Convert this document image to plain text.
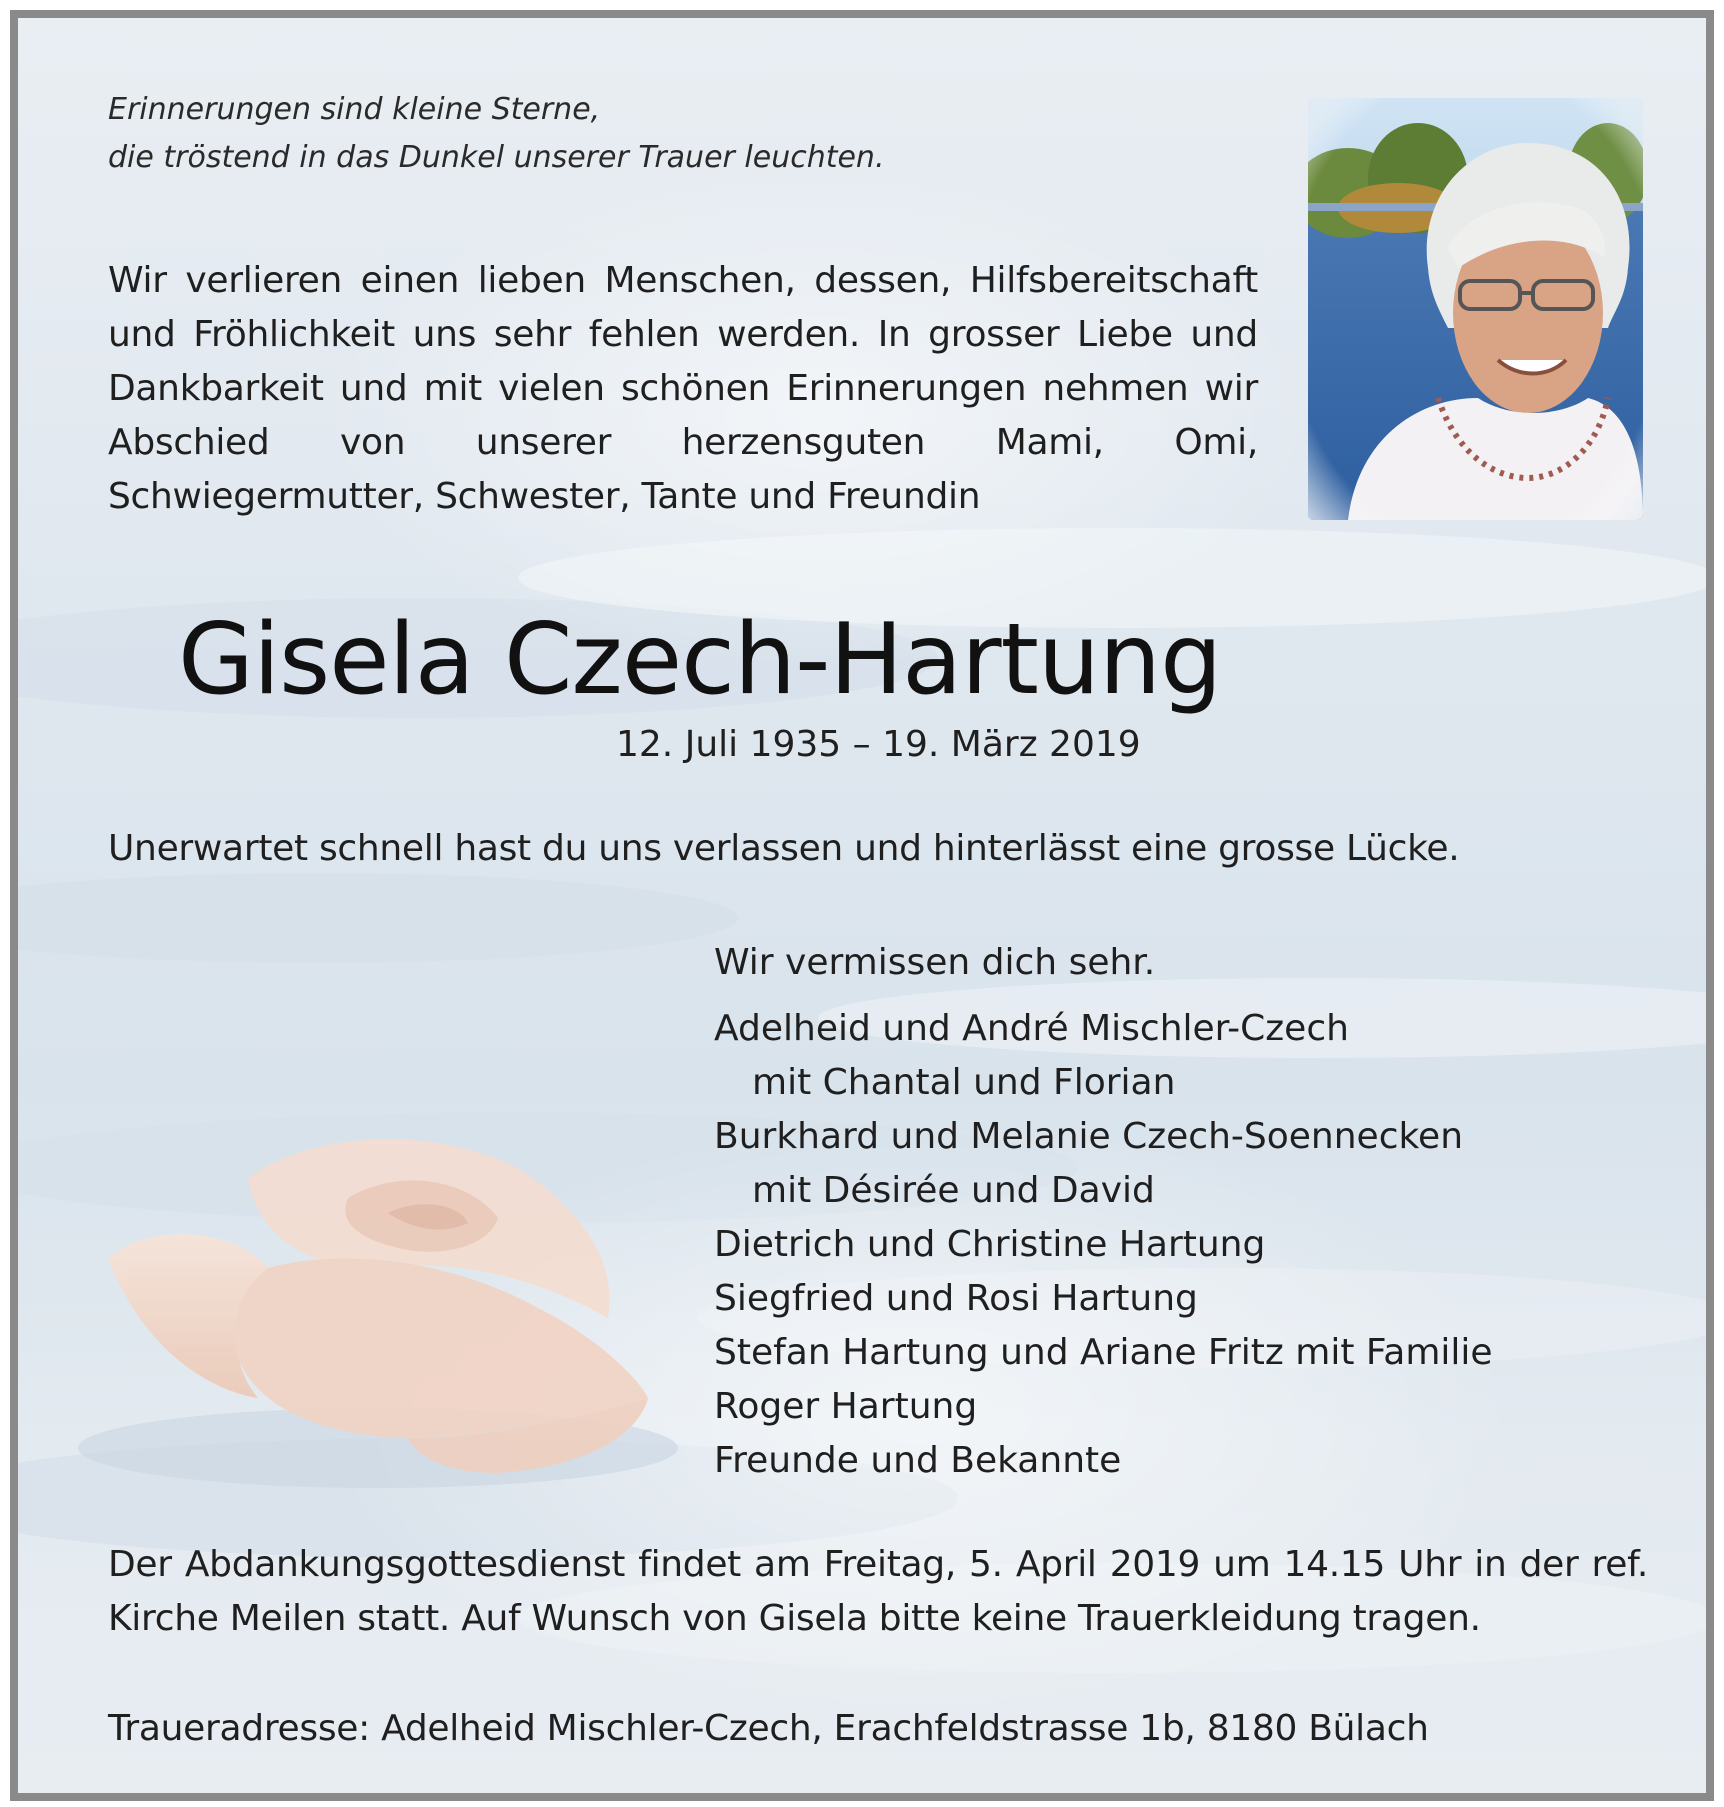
Erinnerungen sind kleine Sterne,
die tröstend in das Dunkel unserer Trauer leuchten.

Wir verlieren einen lieben Menschen, dessen, Hilfsbereitschaft und Fröhlichkeit uns sehr fehlen werden. In grosser Liebe und Dankbarkeit und mit vielen schönen Erinnerungen nehmen wir Abschied von unserer herzensguten Mami, Omi, Schwiegermutter, Schwester, Tante und Freundin

Gisela Czech-Hartung
12. Juli 1935 – 19. März 2019
Unerwartet schnell hast du uns verlassen und hinterlässt eine grosse Lücke.
Wir vermissen dich sehr.
Adelheid und André Mischler-Czech
mit Chantal und Florian
Burkhard und Melanie Czech-Soennecken
mit Désirée und David
Dietrich und Christine Hartung
Siegfried und Rosi Hartung
Stefan Hartung und Ariane Fritz mit Familie
Roger Hartung
Freunde und Bekannte

Der Abdankungsgottesdienst findet am Freitag, 5. April 2019 um 14.15 Uhr in der ref. Kirche Meilen statt. Auf Wunsch von Gisela bitte keine Trauerkleidung tragen.

Traueradresse: Adelheid Mischler-Czech, Erachfeldstrasse 1b, 8180 Bülach
